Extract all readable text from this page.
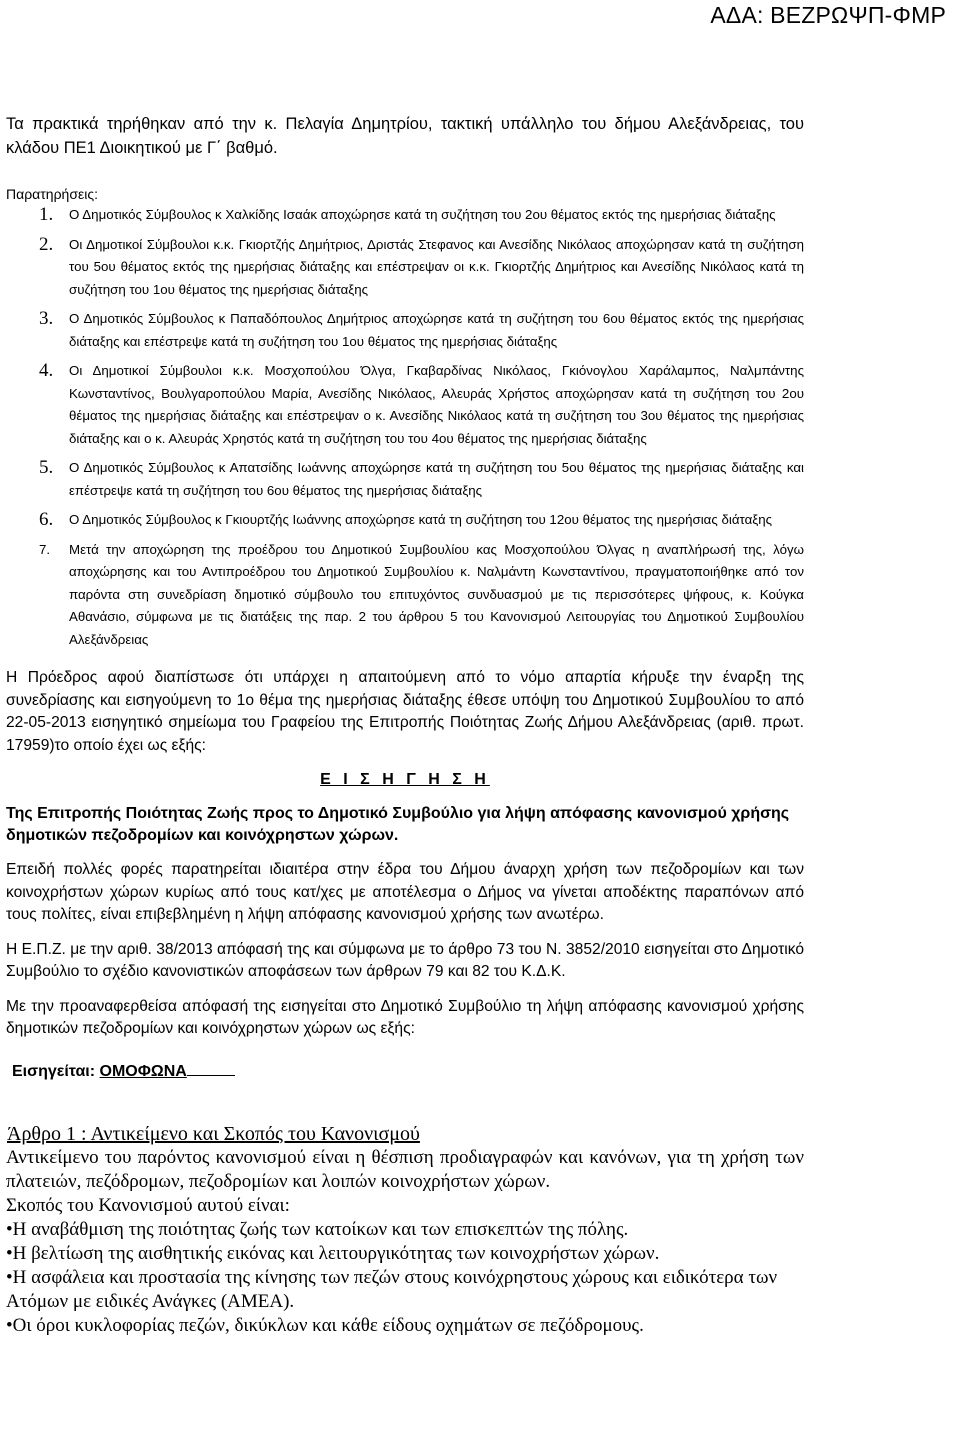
ΑΔΑ: ΒΕΖΡΩΨΠ-ΦΜΡ

Τα πρακτικά τηρήθηκαν από την κ. Πελαγία Δημητρίου, τακτική υπάλληλο του δήμου Αλεξάνδρειας, του κλάδου ΠΕ1 Διοικητικού με Γ΄ βαθμό.

Παρατηρήσεις:
1. Ο Δημοτικός Σύμβουλος κ Χαλκίδης Ισαάκ αποχώρησε κατά τη συζήτηση του 2ου θέματος εκτός της ημερήσιας διάταξης
2. Οι Δημοτικοί Σύμβουλοι κ.κ. Γκιορτζής Δημήτριος, Δριστάς Στεφανος και Ανεσίδης Νικόλαος αποχώρησαν κατά τη συζήτηση του 5ου θέματος εκτός της ημερήσιας διάταξης και επέστρεψαν οι κ.κ. Γκιορτζής Δημήτριος και Ανεσίδης Νικόλαος κατά τη συζήτηση του 1ου θέματος της ημερήσιας διάταξης
3. Ο Δημοτικός Σύμβουλος κ Παπαδόπουλος Δημήτριος αποχώρησε κατά τη συζήτηση του 6ου θέματος εκτός της ημερήσιας διάταξης και επέστρεψε κατά τη συζήτηση του 1ου θέματος της ημερήσιας διάταξης
4. Οι Δημοτικοί Σύμβουλοι κ.κ. Μοσχοπούλου Όλγα, Γκαβαρδίνας Νικόλαος, Γκιόνογλου Χαράλαμπος, Ναλμπάντης Κωνσταντίνος, Βουλγαροπούλου Μαρία, Ανεσίδης Νικόλαος, Αλευράς Χρήστος αποχώρησαν κατά τη συζήτηση του 2ου θέματος της ημερήσιας διάταξης και επέστρεψαν ο κ. Ανεσίδης Νικόλαος κατά τη συζήτηση του 3ου θέματος της ημερήσιας διάταξης και ο κ. Αλευράς Χρηστός κατά τη συζήτηση του του 4ου θέματος της ημερήσιας διάταξης
5. Ο Δημοτικός Σύμβουλος κ Απατσίδης Ιωάννης αποχώρησε κατά τη συζήτηση του 5ου θέματος της ημερήσιας διάταξης και επέστρεψε κατά τη συζήτηση του 6ου θέματος της ημερήσιας διάταξης
6. Ο Δημοτικός Σύμβουλος κ Γκιουρτζής Ιωάννης αποχώρησε κατά τη συζήτηση του 12ου θέματος της ημερήσιας διάταξης
7. Μετά την αποχώρηση της προέδρου του Δημοτικού Συμβουλίου κας Μοσχοπούλου Όλγας η αναπλήρωσή της, λόγω αποχώρησης και του Αντιπροέδρου του Δημοτικού Συμβουλίου κ. Ναλμάντη Κωνσταντίνου, πραγματοποιήθηκε από τον παρόντα στη συνεδρίαση δημοτικό σύμβουλο του επιτυχόντος συνδυασμού με τις περισσότερες ψήφους, κ. Κούγκα Αθανάσιο, σύμφωνα με τις διατάξεις της παρ. 2 του άρθρου 5 του Κανονισμού Λειτουργίας του Δημοτικού Συμβουλίου Αλεξάνδρειας

Η Πρόεδρος αφού διαπίστωσε ότι υπάρχει η απαιτούμενη από το νόμο απαρτία κήρυξε την έναρξη της συνεδρίασης και εισηγούμενη το 1ο θέμα της ημερήσιας διάταξης έθεσε υπόψη του Δημοτικού Συμβουλίου το από 22-05-2013 εισηγητικό σημείωμα του Γραφείου της Επιτροπής Ποιότητας Ζωής Δήμου Αλεξάνδρειας (αριθ. πρωτ. 17959)το οποίο έχει ως εξής:

Ε Ι Σ Η Γ Η Σ Η
Της Επιτροπής Ποιότητας Ζωής προς το Δημοτικό Συμβούλιο για λήψη απόφασης κανονισμού χρήσης δημοτικών πεζοδρομίων και κοινόχρηστων χώρων.

Επειδή πολλές φορές παρατηρείται ιδιαιτέρα στην έδρα του Δήμου άναρχη χρήση των πεζοδρομίων και των κοινοχρήστων χώρων κυρίως από τους κατ/χες με αποτέλεσμα ο Δήμος να γίνεται αποδέκτης παραπόνων από τους πολίτες, είναι επιβεβλημένη η λήψη απόφασης κανονισμού χρήσης των ανωτέρω.

Η Ε.Π.Ζ. με την αριθ. 38/2013 απόφασή της και σύμφωνα με το άρθρο 73 του Ν. 3852/2010 εισηγείται στο Δημοτικό Συμβούλιο το σχέδιο κανονιστικών αποφάσεων των άρθρων 79 και 82 του Κ.Δ.Κ.

Με την προαναφερθείσα απόφασή της εισηγείται στο Δημοτικό Συμβούλιο τη λήψη απόφασης κανονισμού χρήσης δημοτικών πεζοδρομίων και κοινόχρηστων χώρων ως εξής:

Εισηγείται: ΟΜΟΦΩΝΑ
Άρθρο 1 : Αντικείμενο και Σκοπός του Κανονισμού

Αντικείμενο του παρόντος κανονισμού είναι η θέσπιση προδιαγραφών και κανόνων, για τη χρήση των πλατειών, πεζόδρομων, πεζοδρομίων και λοιπών κοινοχρήστων χώρων.

Σκοπός του Κανονισμού αυτού είναι:

•Η αναβάθμιση της ποιότητας ζωής των κατοίκων και των επισκεπτών της πόλης.

•Η βελτίωση της αισθητικής εικόνας και λειτουργικότητας των κοινοχρήστων χώρων.

•Η ασφάλεια και προστασία της κίνησης των πεζών στους κοινόχρηστους χώρους και ειδικότερα των Ατόμων με ειδικές Ανάγκες (ΑΜΕΑ).

•Οι όροι κυκλοφορίας πεζών, δικύκλων και κάθε είδους οχημάτων σε πεζόδρομους.
